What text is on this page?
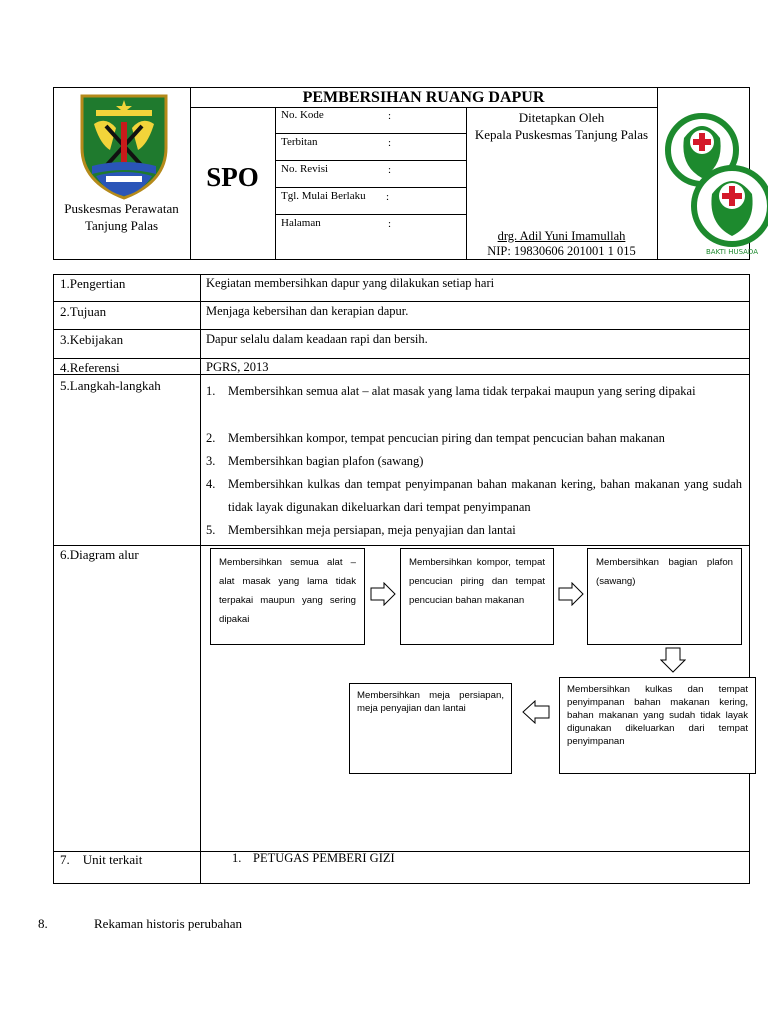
Puskesmas Perawatan Tanjung Palas
PEMBERSIHAN RUANG DAPUR
SPO
No. Kode	:
Terbitan	:
No. Revisi	:
Tgl. Mulai Berlaku :
Halaman	:
Ditetapkan Oleh
Kepala Puskesmas Tanjung Palas
drg. Adil Yuni Imamullah
NIP: 19830606 201001 1 015	BAKTI HUSADA
1.Pengertian	Kegiatan membersihkan dapur yang dilakukan setiap hari
2.Tujuan	Menjaga kebersihan dan kerapian dapur.
3.Kebijakan	Dapur selalu dalam keadaan rapi dan bersih.
4.Referensi	PGRS, 2013
5.Langkah-langkah	1. Membersihkan semua alat – alat masak yang lama tidak terpakai maupun yang sering dipakai
2. Membersihkan kompor, tempat pencucian piring dan tempat pencucian bahan makanan
3. Membersihkan bagian plafon (sawang)
4. Membersihkan kulkas dan tempat penyimpanan bahan makanan kering, bahan makanan yang sudah tidak layak digunakan dikeluarkan dari tempat penyimpanan
5. Membersihkan meja persiapan, meja penyajian dan lantai
6.Diagram alur
Membersihkan semua alat – alat masak yang lama tidak terpakai maupun yang sering dipakai
Membersihkan kompor, tempat pencucian piring dan tempat pencucian bahan makanan
Membersihkan bagian plafon (sawang)
Membersihkan kulkas dan tempat penyimpanan bahan makanan kering, bahan makanan yang sudah tidak layak digunakan dikeluarkan dari tempat penyimpanan
Membersihkan meja persiapan, meja penyajian dan lantai
7.    Unit terkait	1. PETUGAS PEMBERI GIZI
8.	Rekaman historis perubahan
